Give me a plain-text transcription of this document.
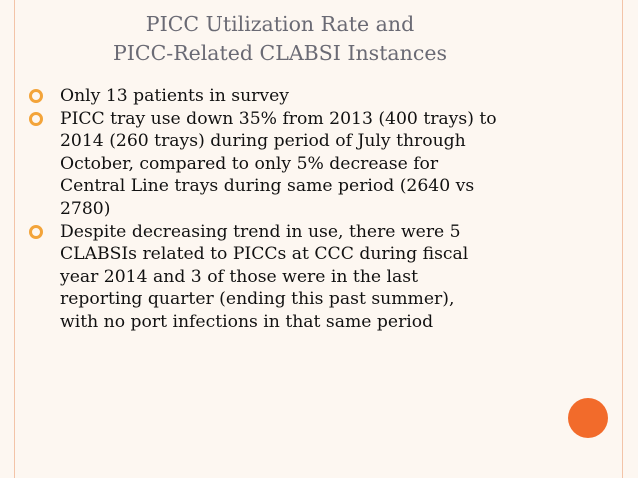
PICC Utilization Rate and
PICC-Related CLABSI Instances
Only 13 patients in survey
PICC tray use down 35% from 2013 (400 trays) to
2014 (260 trays) during period of July through
October, compared to only 5% decrease for
Central Line trays during same period (2640 vs
2780)
Despite decreasing trend in use, there were 5
CLABSIs related to PICCs at CCC during fiscal
year 2014 and 3 of those were in the last
reporting quarter (ending this past summer),
with no port infections in that same period
